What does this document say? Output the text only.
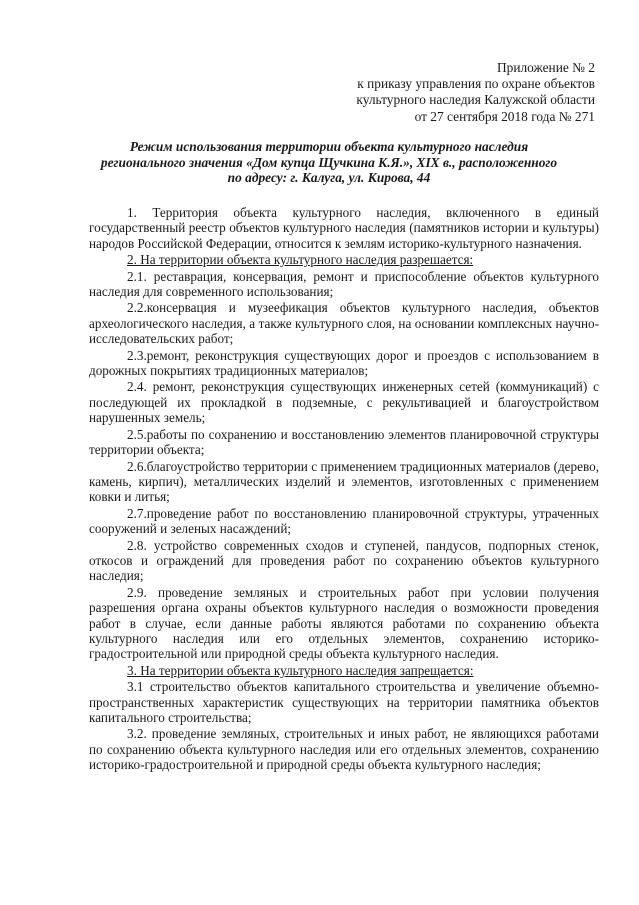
Приложение № 2
к приказу управления по охране объектов
культурного наследия Калужской области
от 27 сентября 2018 года № 271
Режим использования территории объекта культурного наследия
регионального значения «Дом купца Щучкина К.Я.», XIX в., расположенного
по адресу: г. Калуга, ул. Кирова, 44

1. Территория объекта культурного наследия, включенного в единый государственный реестр объектов культурного наследия (памятников истории и культуры) народов Российской Федерации, относится к землям историко-культурного назначения.

2. На территории объекта культурного наследия разрешается:

2.1. реставрация, консервация, ремонт и приспособление объектов культурного наследия для современного использования;

2.2.консервация и музеефикация объектов культурного наследия, объектов археологического наследия, а также культурного слоя, на основании комплексных научно-исследовательских работ;

2.3.ремонт, реконструкция существующих дорог и проездов с использованием в дорожных покрытиях традиционных материалов;

2.4. ремонт, реконструкция существующих инженерных сетей (коммуникаций) с последующей их прокладкой в подземные, с рекультивацией и благоустройством нарушенных земель;

2.5.работы по сохранению и восстановлению элементов планировочной структуры территории объекта;

2.6.благоустройство территории с применением традиционных материалов (дерево, камень, кирпич), металлических изделий и элементов, изготовленных с применением ковки и литья;

2.7.проведение работ по восстановлению планировочной структуры, утраченных сооружений и зеленых насаждений;

2.8. устройство современных сходов и ступеней, пандусов, подпорных стенок, откосов и ограждений для проведения работ по сохранению объектов культурного наследия;

2.9. проведение земляных и строительных работ при условии получения разрешения органа охраны объектов культурного наследия о возможности проведения работ в случае, если данные работы являются работами по сохранению объекта культурного наследия или его отдельных элементов, сохранению историко-градостроительной или природной среды объекта культурного наследия.

3. На территории объекта культурного наследия запрещается:

3.1 строительство объектов капитального строительства и увеличение объемно-пространственных характеристик существующих на территории памятника объектов капитального строительства;

3.2. проведение земляных, строительных и иных работ, не являющихся работами по сохранению объекта культурного наследия или его отдельных элементов, сохранению историко-градостроительной и природной среды объекта культурного наследия;
